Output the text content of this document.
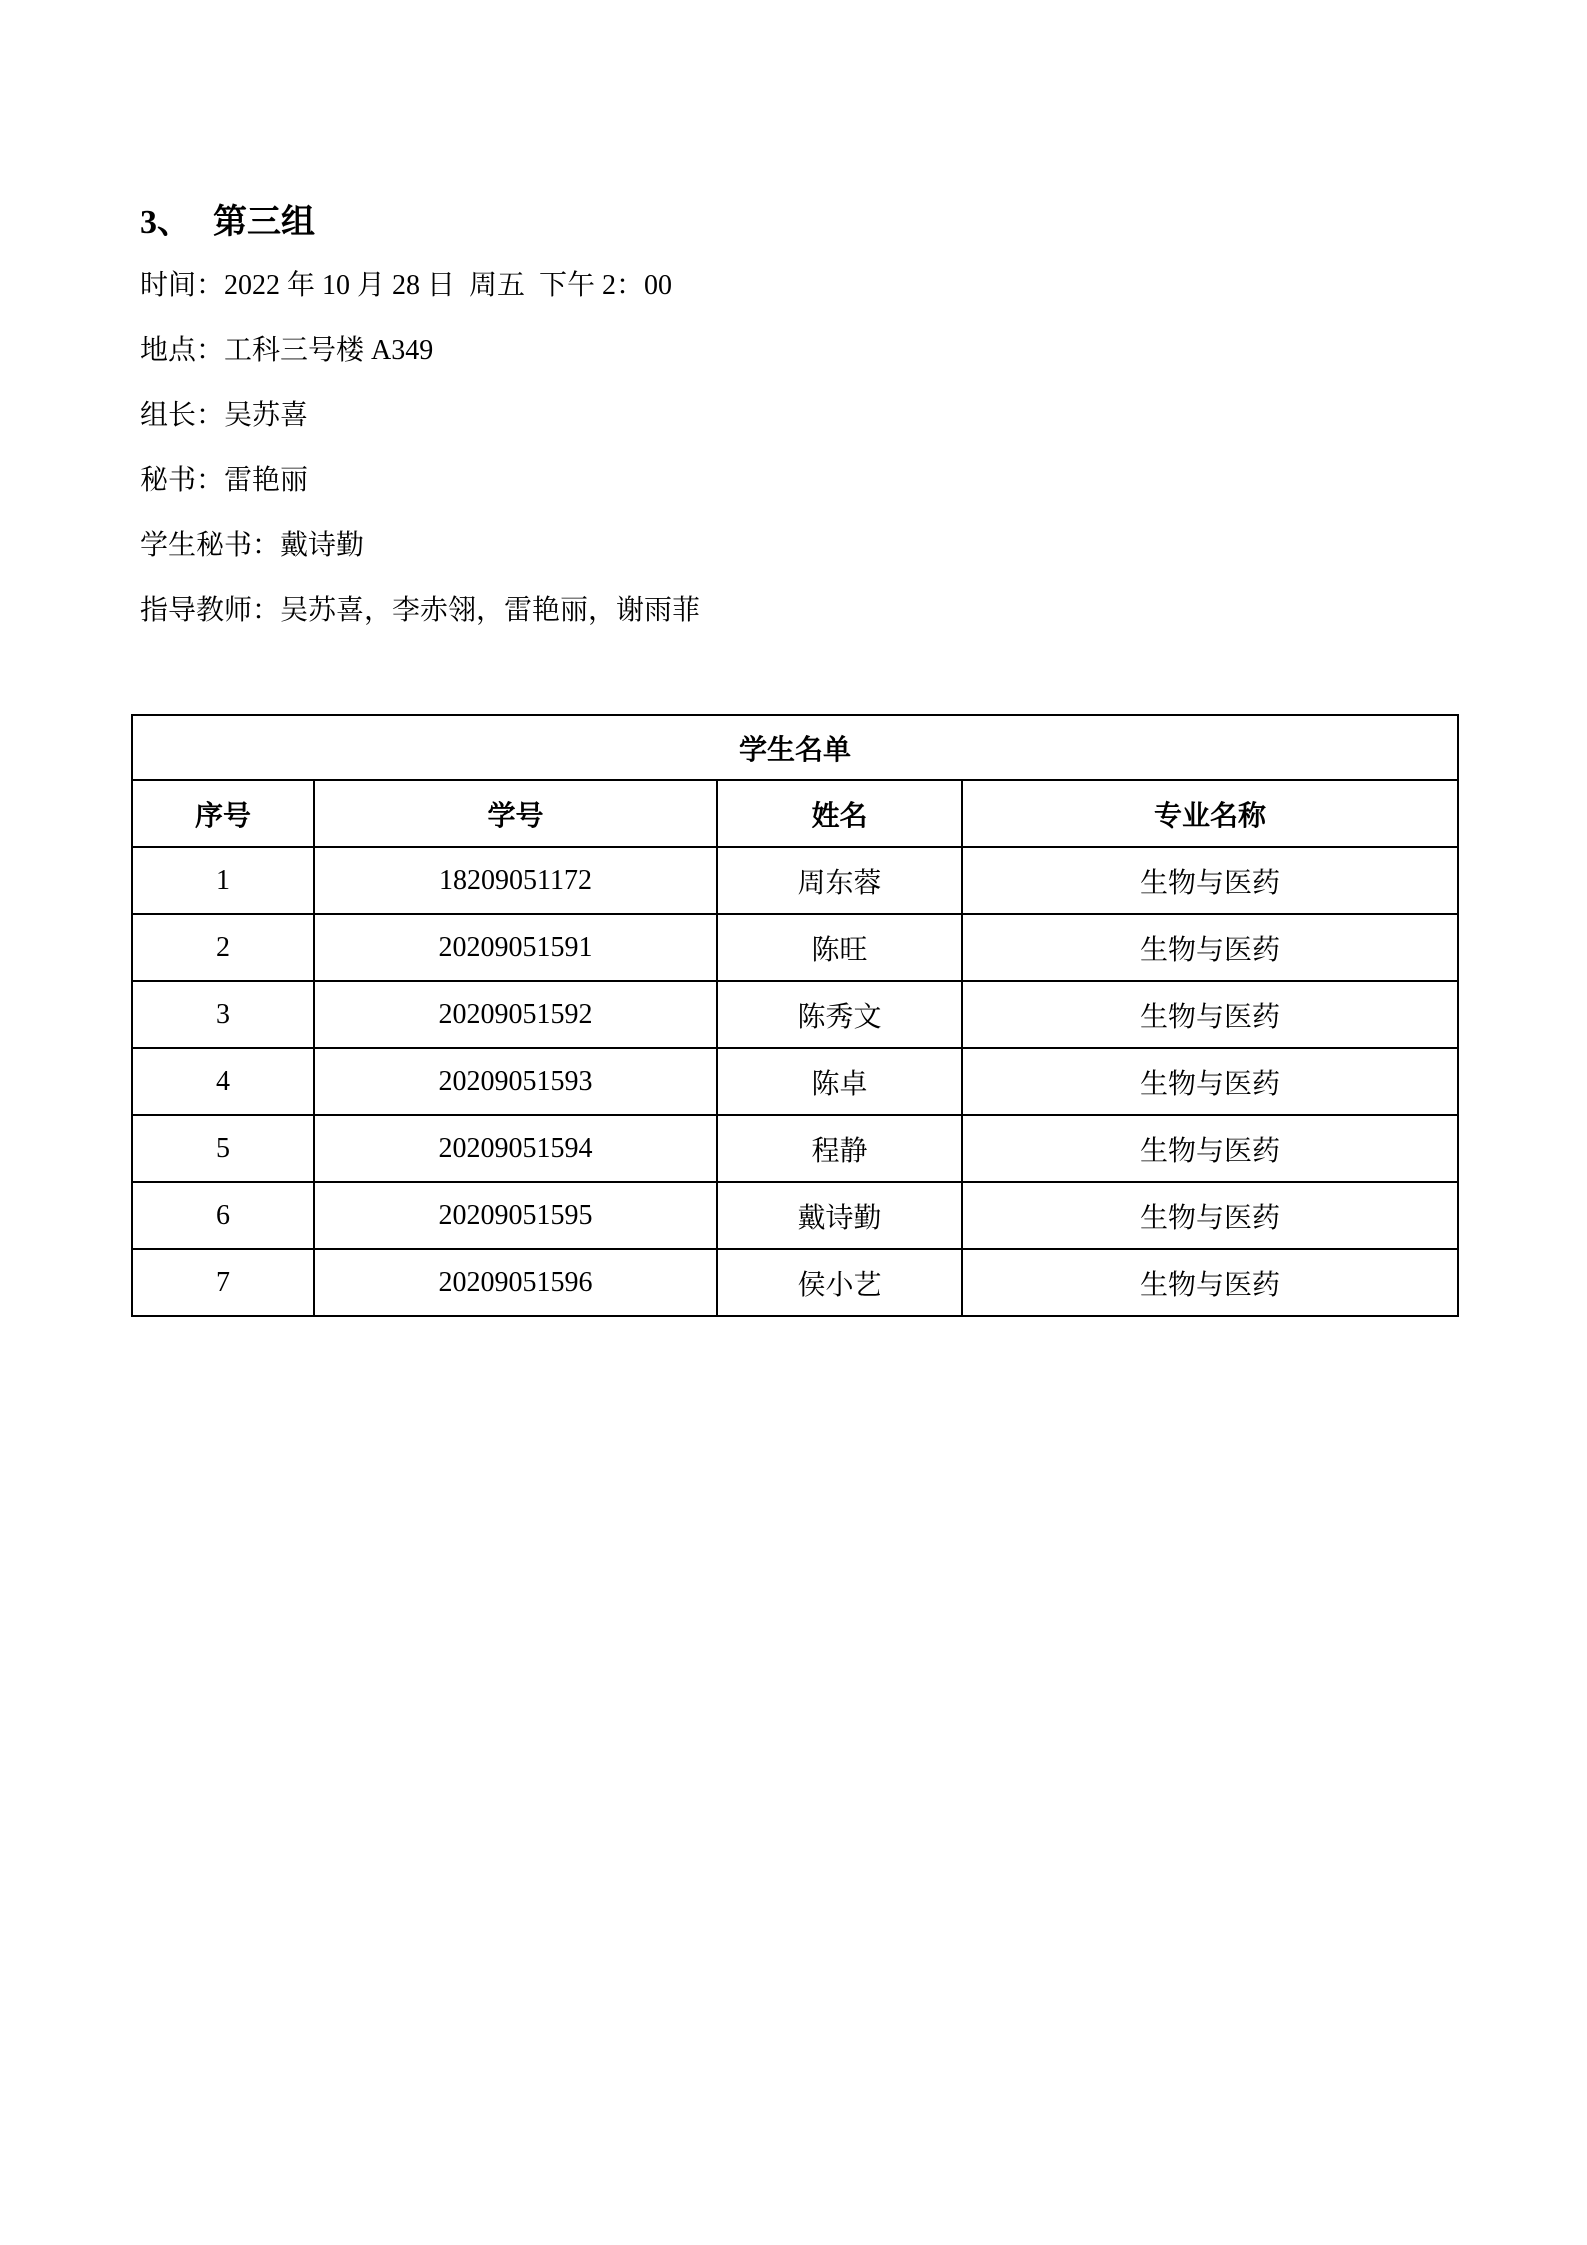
3、 第三组

时间：2022 年 10 月 28 日  周五  下午 2：00

地点：工科三号楼 A349

组长：吴苏喜

秘书：雷艳丽

学生秘书：戴诗勤

指导教师：吴苏喜，李赤翎，雷艳丽，谢雨菲

学生名单			
序号	学号	姓名	专业名称
1	18209051172	周东蓉	生物与医药
2	20209051591	陈旺	生物与医药
3	20209051592	陈秀文	生物与医药
4	20209051593	陈卓	生物与医药
5	20209051594	程静	生物与医药
6	20209051595	戴诗勤	生物与医药
7	20209051596	侯小艺	生物与医药
